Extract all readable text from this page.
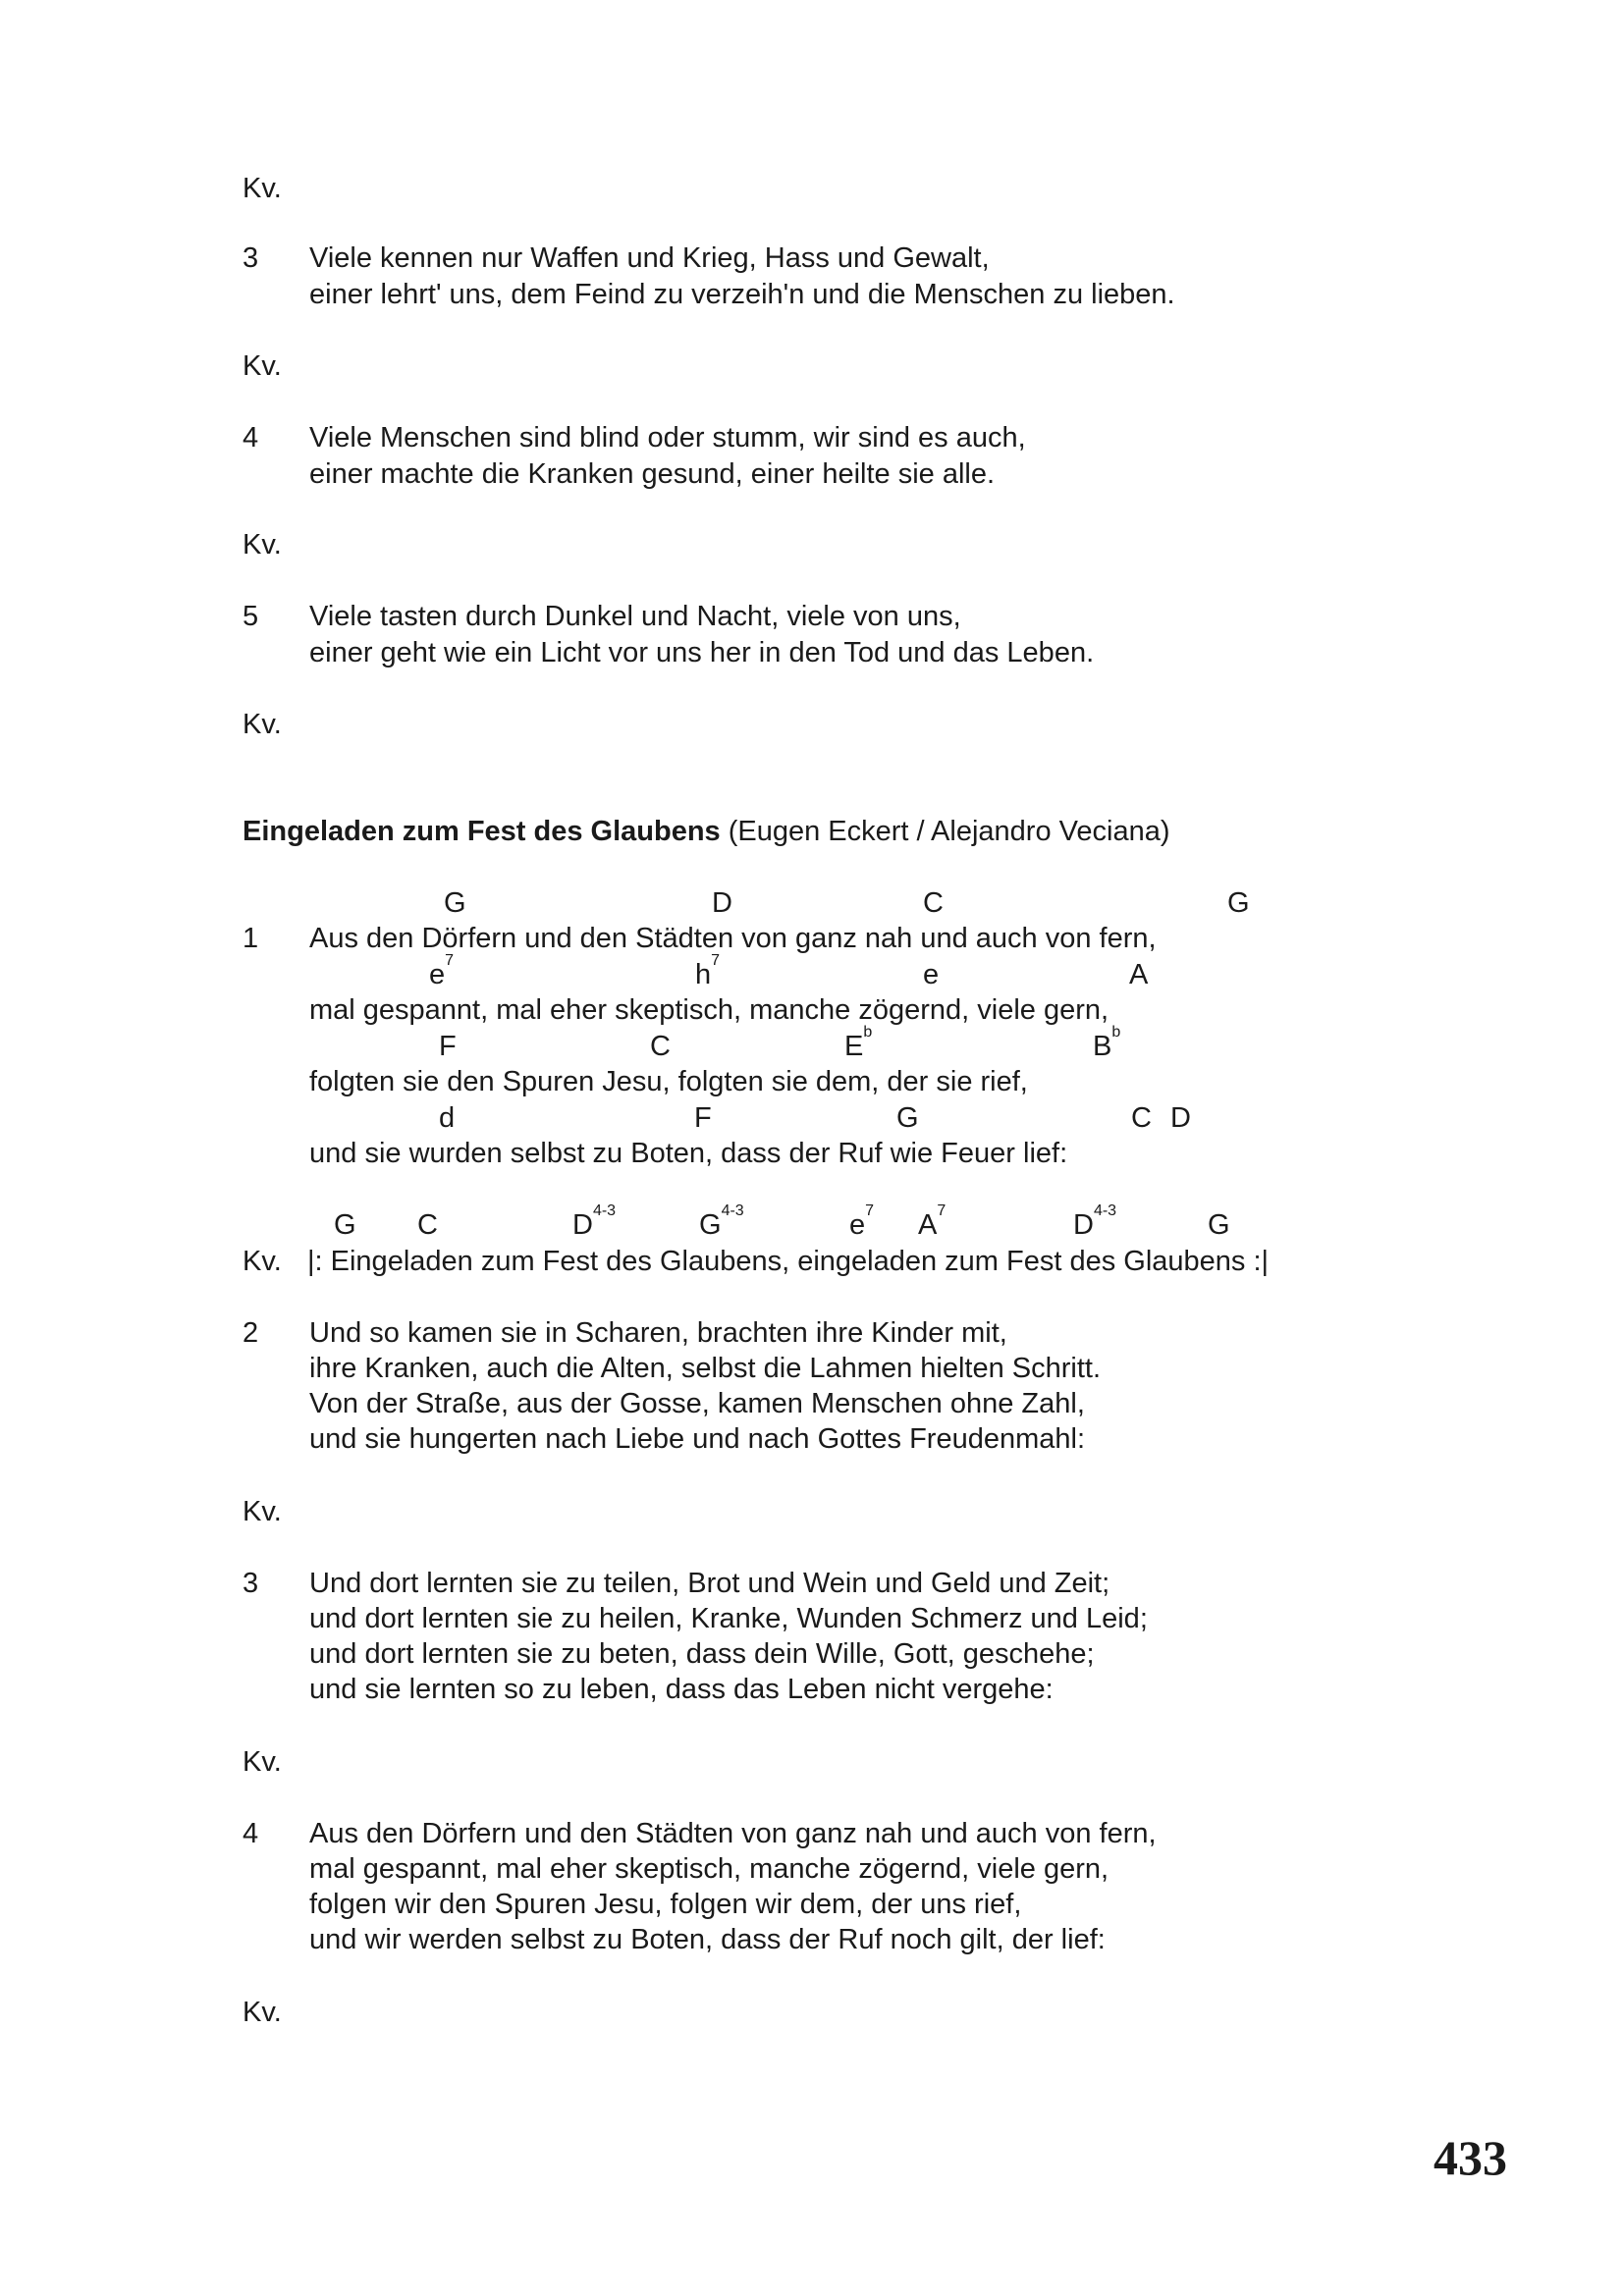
Kv.
3 Viele kennen nur Waffen und Krieg, Hass und Gewalt,
einer lehrt' uns, dem Feind zu verzeih'n und die Menschen zu lieben.
Kv.
4 Viele Menschen sind blind oder stumm, wir sind es auch,
einer machte die Kranken gesund, einer heilte sie alle.
Kv.
5 Viele tasten durch Dunkel und Nacht, viele von uns,
einer geht wie ein Licht vor uns her in den Tod und das Leben.
Kv.
Eingeladen zum Fest des Glaubens (Eugen Eckert / Alejandro Veciana)
G	D	C	G
$e^7$	$h^7$	e	A
F	C	$E^b$	$B^b$
d	F	G	C D
1 Aus den Dörfern und den Städten von ganz nah und auch von fern,
mal gespannt, mal eher skeptisch, manche zögernd, viele gern,
folgten sie den Spuren Jesu, folgten sie dem, der sie rief,
und sie wurden selbst zu Boten, dass der Ruf wie Feuer lief:
G C	$D^{4-3}$	$G^{4-3}$	$e^7$ $A^7$	$D^{4-3}$	G
Kv. |: Eingeladen zum Fest des Glaubens, eingeladen zum Fest des Glaubens :|
2 Und so kamen sie in Scharen, brachten ihre Kinder mit,
ihre Kranken, auch die Alten, selbst die Lahmen hielten Schritt.
Von der Straße, aus der Gosse, kamen Menschen ohne Zahl,
und sie hungerten nach Liebe und nach Gottes Freudenmahl:
Kv.
3 Und dort lernten sie zu teilen, Brot und Wein und Geld und Zeit;
und dort lernten sie zu heilen, Kranke, Wunden Schmerz und Leid;
und dort lernten sie zu beten, dass dein Wille, Gott, geschehe;
und sie lernten so zu leben, dass das Leben nicht vergehe:
Kv.
4 Aus den Dörfern und den Städten von ganz nah und auch von fern,
mal gespannt, mal eher skeptisch, manche zögernd, viele gern,
folgen wir den Spuren Jesu, folgen wir dem, der uns rief,
und wir werden selbst zu Boten, dass der Ruf noch gilt, der lief:
Kv.
433
